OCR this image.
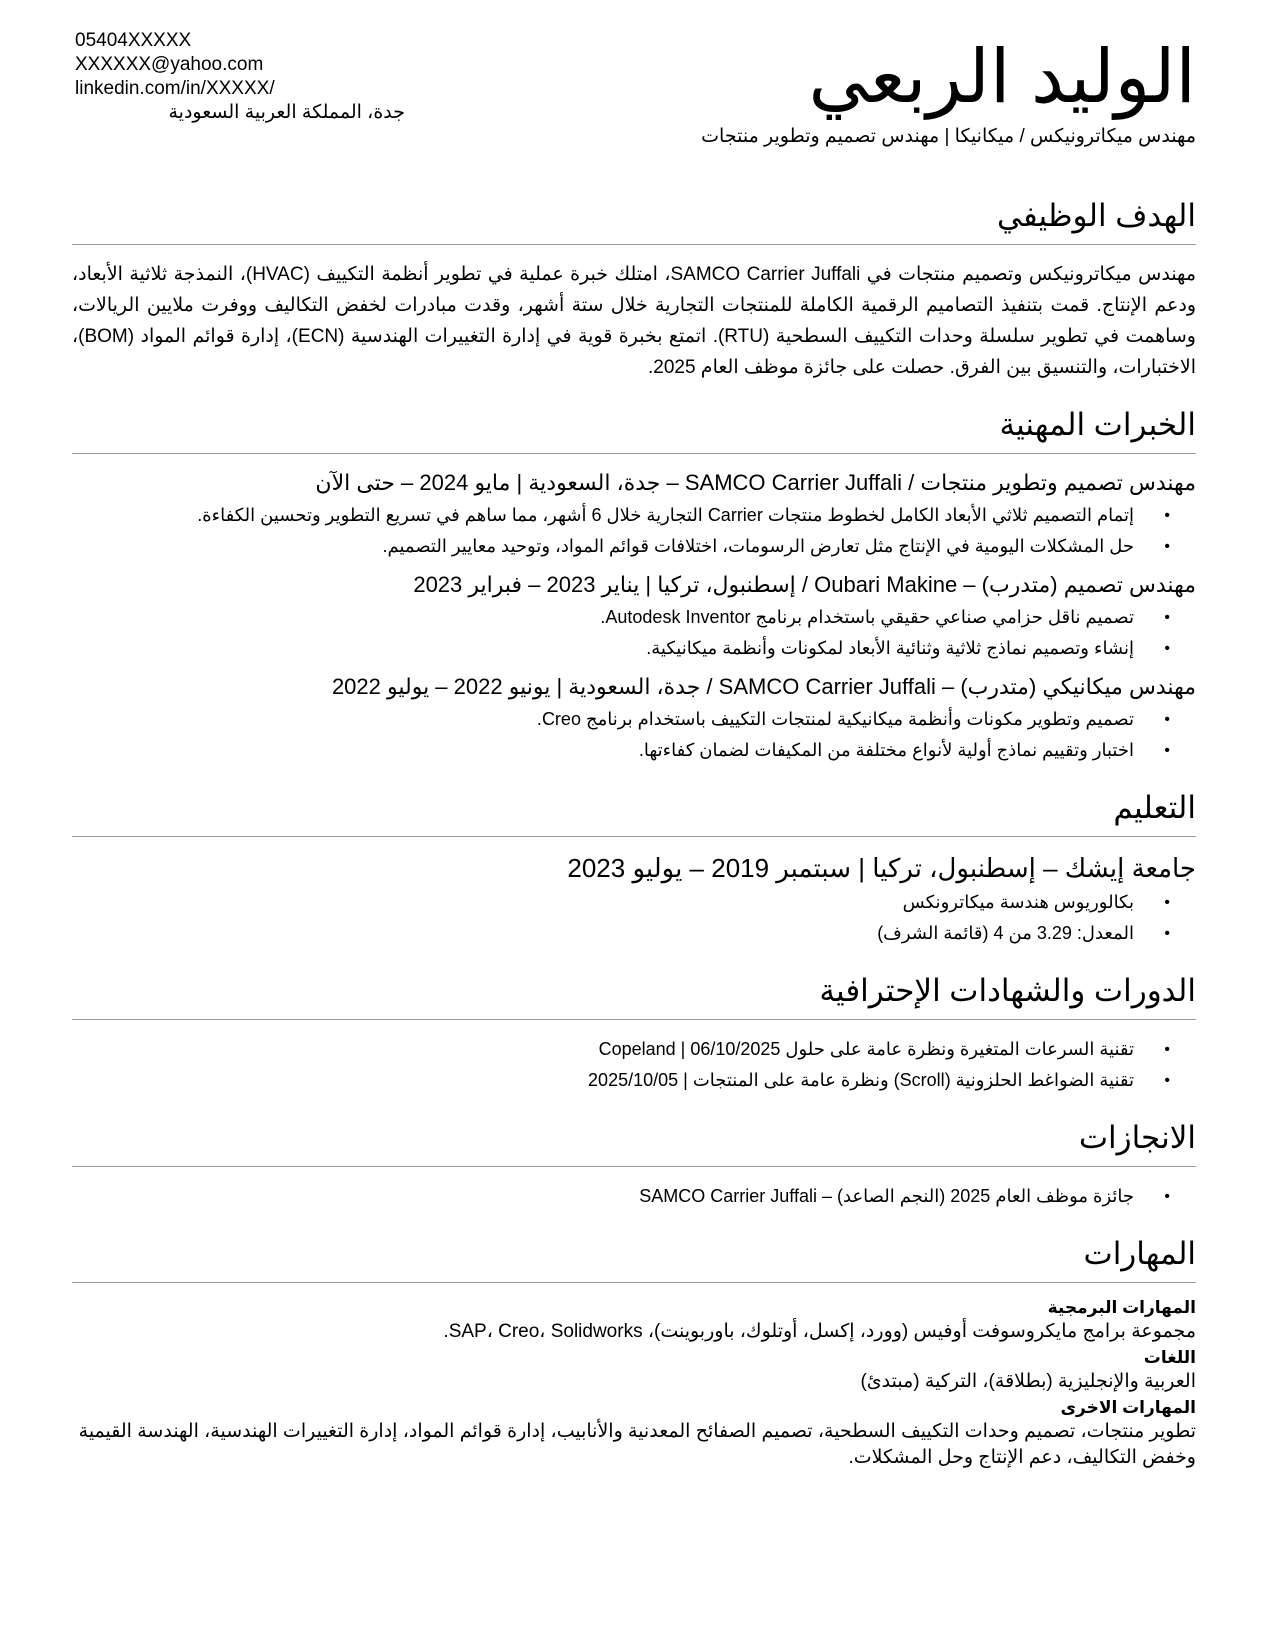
05404XXXXX
XXXXXX@yahoo.com
linkedin.com/in/XXXXX/
جدة، المملكة العربية السعودية	الوليد الربعي
مهندس ميكاترونيكس / ميكانيكا | مهندس تصميم وتطوير منتجات
الهدف الوظيفي
مهندس ميكاترونيكس وتصميم منتجات في SAMCO Carrier Juffali، امتلك خبرة عملية في تطوير أنظمة التكييف (HVAC)، النمذجة ثلاثية الأبعاد، ودعم الإنتاج. قمت بتنفيذ التصاميم الرقمية الكاملة للمنتجات التجارية خلال ستة أشهر، وقدت مبادرات لخفض التكاليف ووفرت ملايين الريالات، وساهمت في تطوير سلسلة وحدات التكييف السطحية (RTU). اتمتع بخبرة قوية في إدارة التغييرات الهندسية (ECN)، إدارة قوائم المواد (BOM)، الاختبارات، والتنسيق بين الفرق. حصلت على جائزة موظف العام 2025.
الخبرات المهنية
مهندس تصميم وتطوير منتجات / SAMCO Carrier Juffali – جدة، السعودية | مايو 2024 – حتى الآن
• إتمام التصميم ثلاثي الأبعاد الكامل لخطوط منتجات Carrier التجارية خلال 6 أشهر، مما ساهم في تسريع التطوير وتحسين الكفاءة.
• حل المشكلات اليومية في الإنتاج مثل تعارض الرسومات، اختلافات قوائم المواد، وتوحيد معايير التصميم.
مهندس تصميم (متدرب) – Oubari Makine / إسطنبول، تركيا | يناير 2023 – فبراير 2023
• تصميم ناقل حزامي صناعي حقيقي باستخدام برنامج Autodesk Inventor.
• إنشاء وتصميم نماذج ثلاثية وثنائية الأبعاد لمكونات وأنظمة ميكانيكية.
مهندس ميكانيكي (متدرب) – SAMCO Carrier Juffali / جدة، السعودية | يونيو 2022 – يوليو 2022
• تصميم وتطوير مكونات وأنظمة ميكانيكية لمنتجات التكييف باستخدام برنامج Creo.
• اختبار وتقييم نماذج أولية لأنواع مختلفة من المكيفات لضمان كفاءتها.
التعليم
جامعة إيشك – إسطنبول، تركيا | سبتمبر 2019 – يوليو 2023
• بكالوريوس هندسة ميكاترونكس
• المعدل: 3.29 من 4 (قائمة الشرف)
الدورات والشهادات الإحترافية
• تقنية السرعات المتغيرة ونظرة عامة على حلول Copeland | 06/10/2025
• تقنية الضواغط الحلزونية (Scroll) ونظرة عامة على المنتجات | 2025/10/05
الانجازات
• جائزة موظف العام 2025 (النجم الصاعد) – SAMCO Carrier Juffali
المهارات
المهارات البرمجية
مجموعة برامج مايكروسوفت أوفيس (وورد، إكسل، أوتلوك، باوربوينت)، SAP، Creo، Solidworks.
اللغات
العربية والإنجليزية (بطلاقة)، التركية (مبتدئ)
المهارات الاخرى
تطوير منتجات، تصميم وحدات التكييف السطحية، تصميم الصفائح المعدنية والأنابيب، إدارة قوائم المواد، إدارة التغييرات الهندسية، الهندسة القيمية وخفض التكاليف، دعم الإنتاج وحل المشكلات.
